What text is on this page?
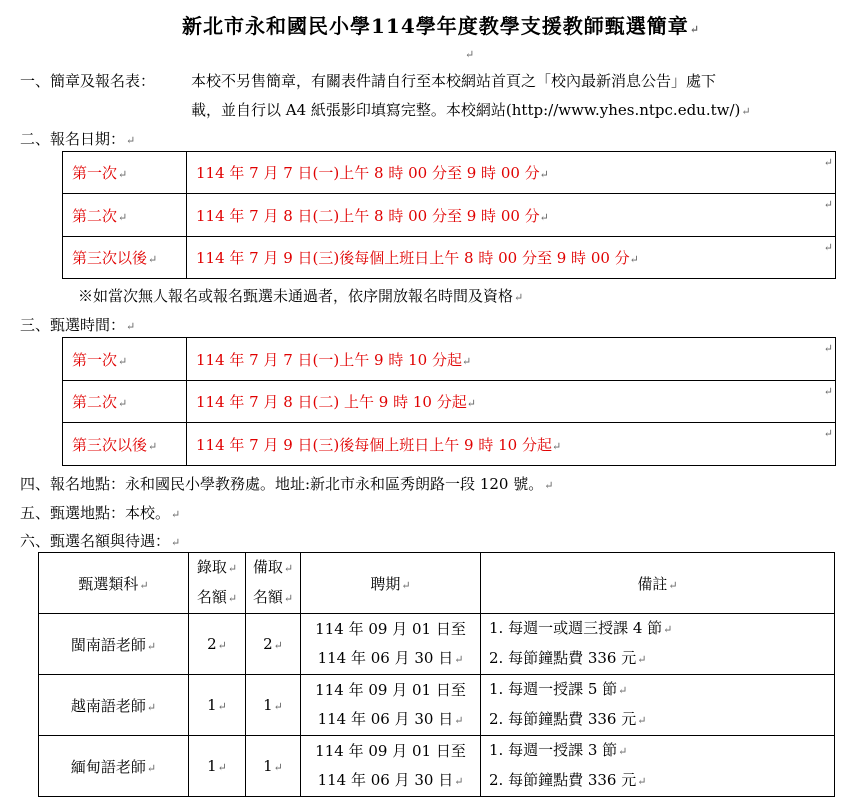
新北市永和國民小學114學年度教學支援教師甄選簡章↵
↵
一、簡章及報名表： 本校不另售簡章，有關表件請自行至本校網站首頁之「校內最新消息公告」處下
載，並自行以 A4 紙張影印填寫完整。本校網站(http://www.yhes.ntpc.edu.tw/)↵
二、報名日期：↵
第一次↵	114 年 7 月 7 日(一)上午 8 時 00 分至 9 時 00 分↵
↵

第二次↵	114 年 7 月 8 日(二)上午 8 時 00 分至 9 時 00 分↵
↵

第三次以後↵	114 年 7 月 9 日(三)後每個上班日上午 8 時 00 分至 9 時 00 分↵
↵
※如當次無人報名或報名甄選未通過者，依序開放報名時間及資格↵
三、甄選時間：↵
第一次↵	114 年 7 月 7 日(一)上午 9 時 10 分起↵
↵

第二次↵	114 年 7 月 8 日(二) 上午 9 時 10 分起↵
↵

第三次以後↵	114 年 7 月 9 日(三)後每個上班日上午 9 時 10 分起↵
↵
四、報名地點：永和國民小學教務處。地址:新北市永和區秀朗路一段 120 號。↵
五、甄選地點：本校。↵
六、甄選名額與待遇：↵
甄選類科↵	錄取↵
名額↵	備取↵
名額↵	聘期↵	備註↵
閩南語老師↵	2↵	2↵	114 年 09 月 01 日至
114 年 06 月 30 日↵	1. 每週一或週三授課 4 節↵
2. 每節鐘點費 336 元↵

越南語老師↵	1↵	1↵	114 年 09 月 01 日至
114 年 06 月 30 日↵	1. 每週一授課 5 節↵
2. 每節鐘點費 336 元↵

緬甸語老師↵	1↵	1↵	114 年 09 月 01 日至
114 年 06 月 30 日↵	1. 每週一授課 3 節↵
2. 每節鐘點費 336 元↵
